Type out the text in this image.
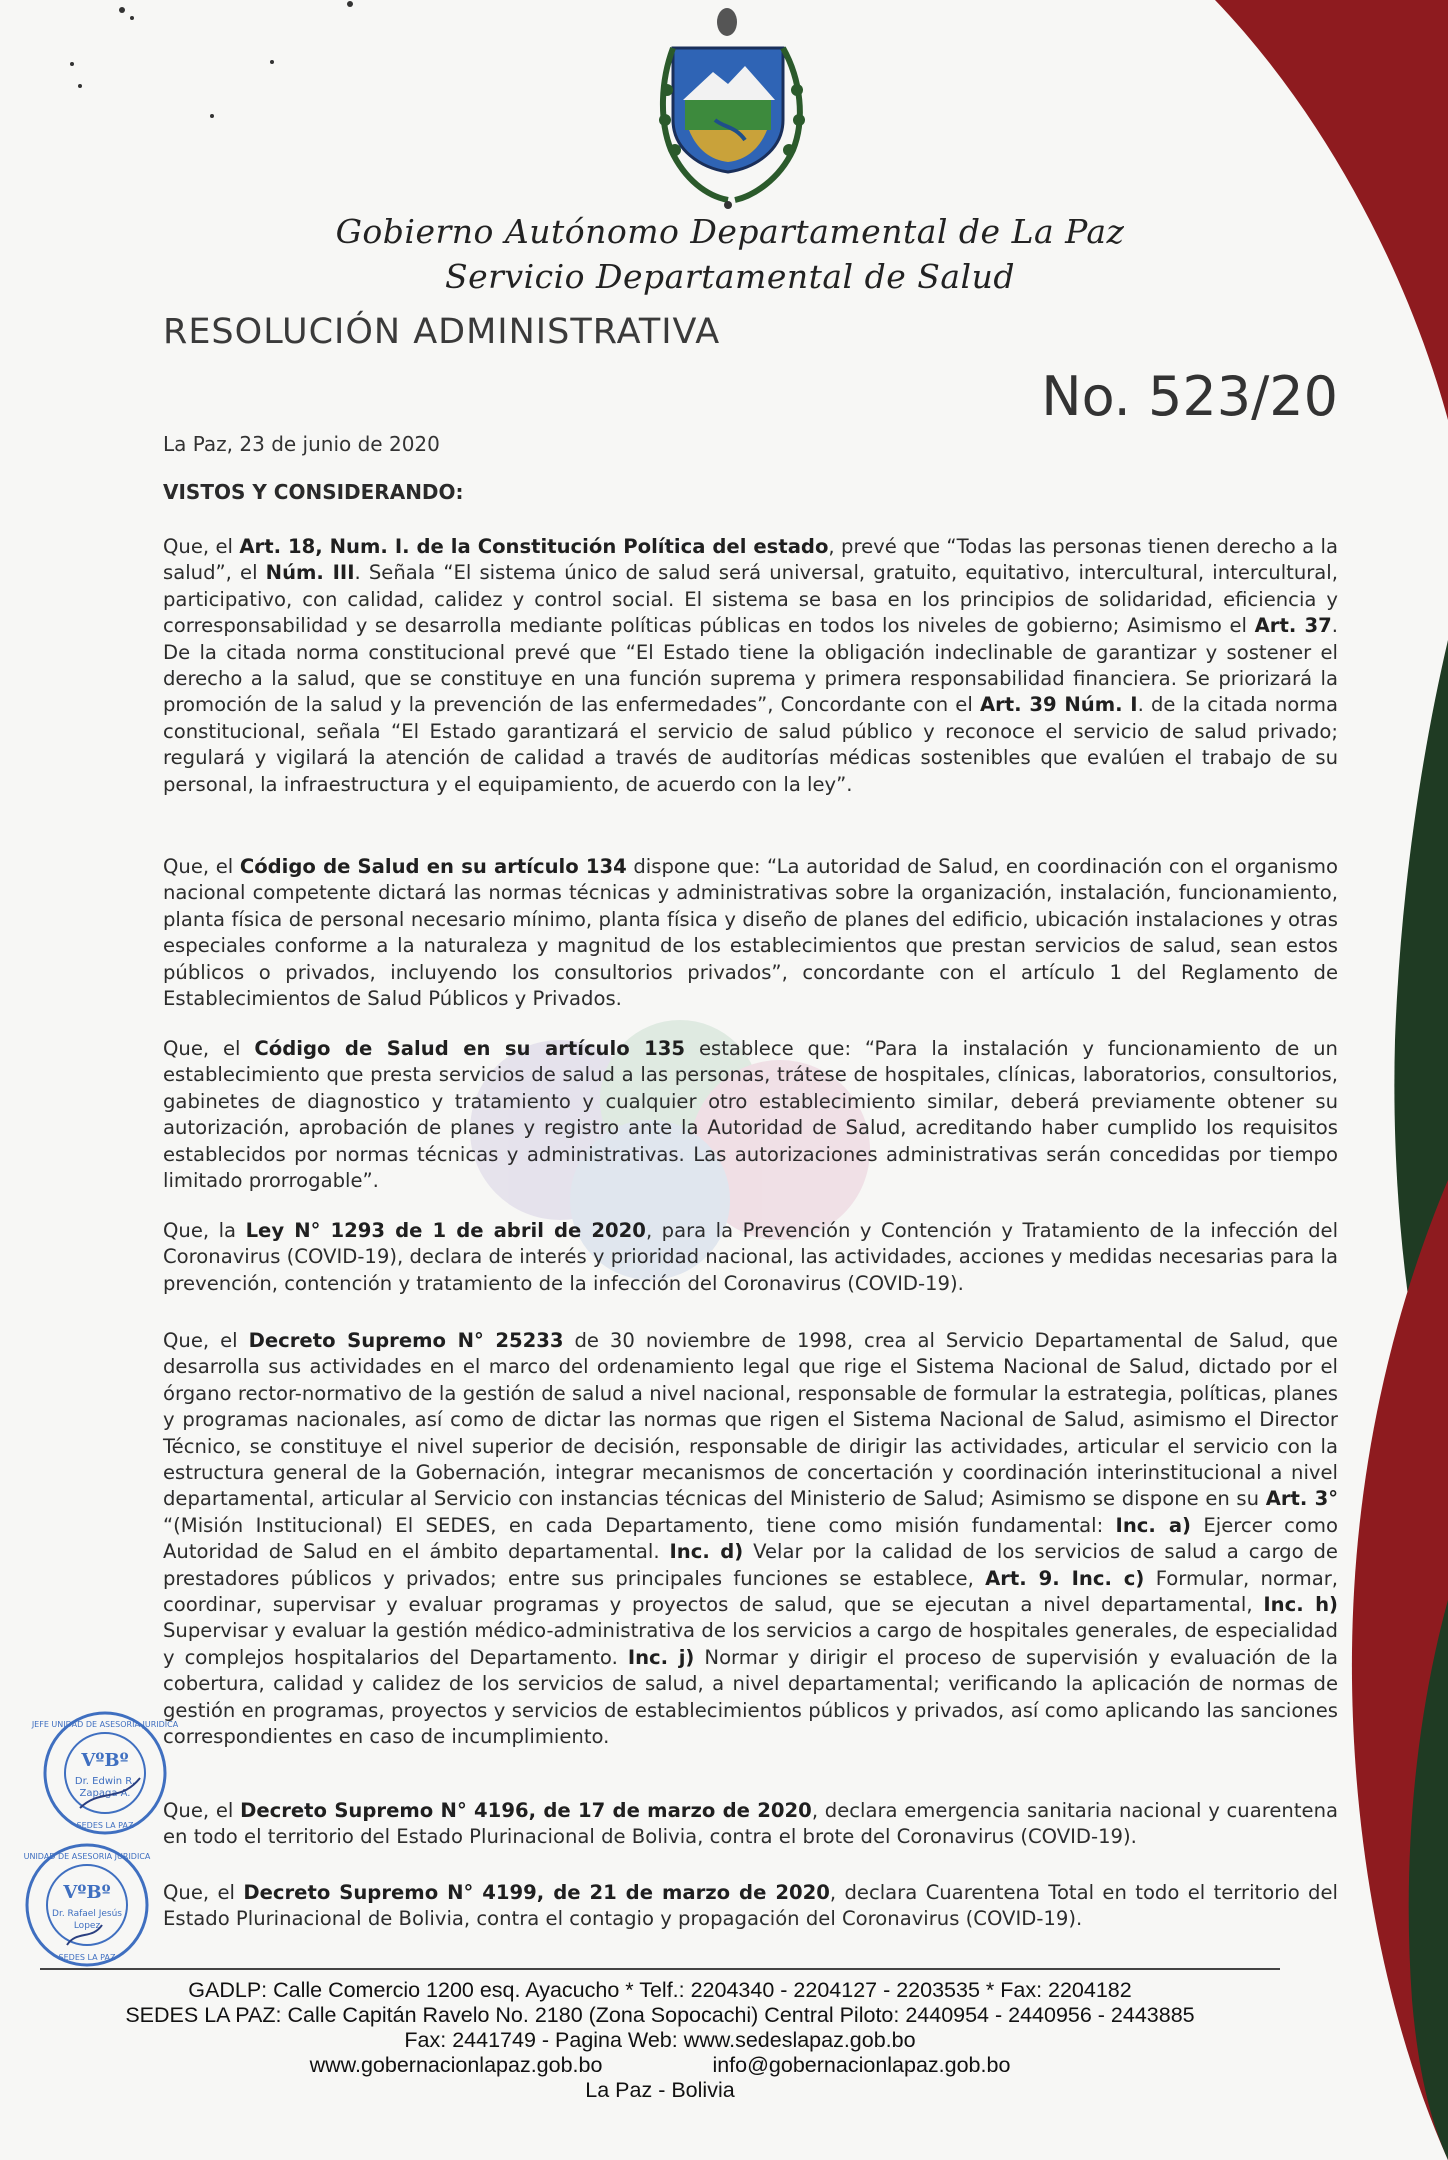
Gobierno Autónomo Departamental de La Paz
Servicio Departamental de Salud
RESOLUCIÓN ADMINISTRATIVA
No. 523/20
La Paz, 23 de junio de 2020
VISTOS Y CONSIDERANDO:
Que, el Art. 18, Num. I. de la Constitución Política del estado, prevé que “Todas las personas tienen derecho a la salud”, el Núm. III. Señala “El sistema único de salud será universal, gratuito, equitativo, intercultural, intercultural, participativo, con calidad, calidez y control social. El sistema se basa en los principios de solidaridad, eficiencia y corresponsabilidad y se desarrolla mediante políticas públicas en todos los niveles de gobierno; Asimismo el Art. 37. De la citada norma constitucional prevé que “El Estado tiene la obligación indeclinable de garantizar y sostener el derecho a la salud, que se constituye en una función suprema y primera responsabilidad financiera. Se priorizará la promoción de la salud y la prevención de las enfermedades”, Concordante con el Art. 39 Núm. I. de la citada norma constitucional, señala “El Estado garantizará el servicio de salud público y reconoce el servicio de salud privado; regulará y vigilará la atención de calidad a través de auditorías médicas sostenibles que evalúen el trabajo de su personal, la infraestructura y el equipamiento, de acuerdo con la ley”.
Que, el Código de Salud en su artículo 134 dispone que: “La autoridad de Salud, en coordinación con el organismo nacional competente dictará las normas técnicas y administrativas sobre la organización, instalación, funcionamiento, planta física de personal necesario mínimo, planta física y diseño de planes del edificio, ubicación instalaciones y otras especiales conforme a la naturaleza y magnitud de los establecimientos que prestan servicios de salud, sean estos públicos o privados, incluyendo los consultorios privados”, concordante con el artículo 1 del Reglamento de Establecimientos de Salud Públicos y Privados.
Que, el Código de Salud en su artículo 135 establece que: “Para la instalación y funcionamiento de un establecimiento que presta servicios de salud a las personas, trátese de hospitales, clínicas, laboratorios, consultorios, gabinetes de diagnostico y tratamiento y cualquier otro establecimiento similar, deberá previamente obtener su autorización, aprobación de planes y registro ante la Autoridad de Salud, acreditando haber cumplido los requisitos establecidos por normas técnicas y administrativas. Las autorizaciones administrativas serán concedidas por tiempo limitado prorrogable”.
Que, la Ley N° 1293 de 1 de abril de 2020, para la Prevención y Contención y Tratamiento de la infección del Coronavirus (COVID-19), declara de interés y prioridad nacional, las actividades, acciones y medidas necesarias para la prevención, contención y tratamiento de la infección del Coronavirus (COVID-19).
Que, el Decreto Supremo N° 25233 de 30 noviembre de 1998, crea al Servicio Departamental de Salud, que desarrolla sus actividades en el marco del ordenamiento legal que rige el Sistema Nacional de Salud, dictado por el órgano rector-normativo de la gestión de salud a nivel nacional, responsable de formular la estrategia, políticas, planes y programas nacionales, así como de dictar las normas que rigen el Sistema Nacional de Salud, asimismo el Director Técnico, se constituye el nivel superior de decisión, responsable de dirigir las actividades, articular el servicio con la estructura general de la Gobernación, integrar mecanismos de concertación y coordinación interinstitucional a nivel departamental, articular al Servicio con instancias técnicas del Ministerio de Salud; Asimismo se dispone en su Art. 3° “(Misión Institucional) El SEDES, en cada Departamento, tiene como misión fundamental: Inc. a) Ejercer como Autoridad de Salud en el ámbito departamental. Inc. d) Velar por la calidad de los servicios de salud a cargo de prestadores públicos y privados; entre sus principales funciones se establece, Art. 9. Inc. c) Formular, normar, coordinar, supervisar y evaluar programas y proyectos de salud, que se ejecutan a nivel departamental, Inc. h) Supervisar y evaluar la gestión médico-administrativa de los servicios a cargo de hospitales generales, de especialidad y complejos hospitalarios del Departamento. Inc. j) Normar y dirigir el proceso de supervisión y evaluación de la cobertura, calidad y calidez de los servicios de salud, a nivel departamental; verificando la aplicación de normas de gestión en programas, proyectos y servicios de establecimientos públicos y privados, así como aplicando las sanciones correspondientes en caso de incumplimiento.
Que, el Decreto Supremo N° 4196, de 17 de marzo de 2020, declara emergencia sanitaria nacional y cuarentena en todo el territorio del Estado Plurinacional de Bolivia, contra el brote del Coronavirus (COVID-19).
Que, el Decreto Supremo N° 4199, de 21 de marzo de 2020, declara Cuarentena Total en todo el territorio del Estado Plurinacional de Bolivia, contra el contagio y propagación del Coronavirus (COVID-19).
VºBº
Dr. Edwin R.
Zapaga A.
JEFE UNIDAD DE ASESORIA JURIDICA
SEDES LA PAZ
VºBº
Dr. Rafael Jesús
Lopez
UNIDAD DE ASESORIA JURIDICA
SEDES LA PAZ
GADLP: Calle Comercio 1200 esq. Ayacucho * Telf.: 2204340 - 2204127 - 2203535 * Fax: 2204182
SEDES LA PAZ: Calle Capitán Ravelo No. 2180 (Zona Sopocachi) Central Piloto: 2440954 - 2440956 - 2443885
Fax: 2441749 - Pagina Web: www.sedeslapaz.gob.bo
www.gobernacionlapaz.gob.bo	info@gobernacionlapaz.gob.bo
La Paz - Bolivia
